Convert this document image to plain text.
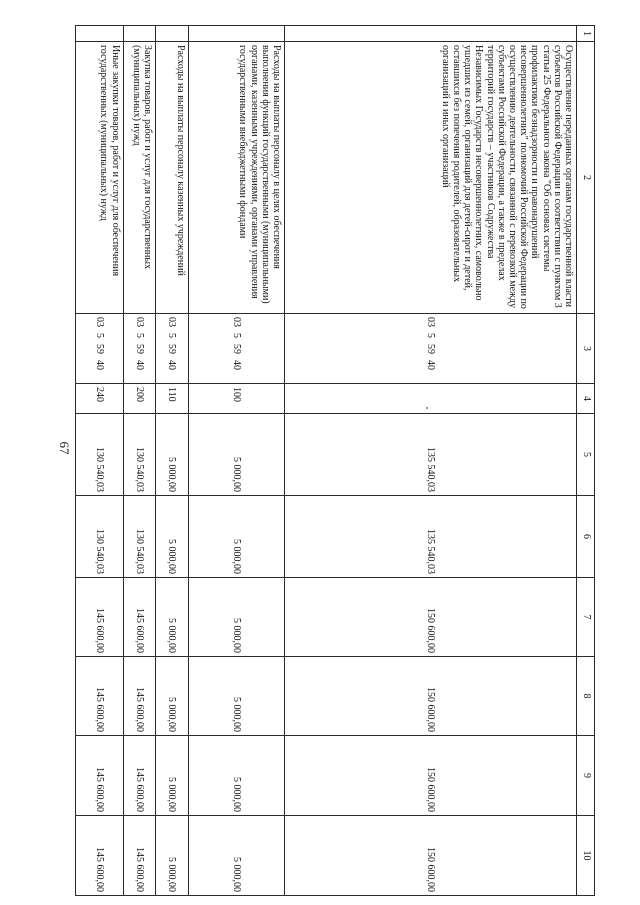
67
1	2	3	4	5	6	7	8	9	10
	Осуществление переданных органам государственной власти субъектов Российской Федерации в соответствии с пунктом 3 статьи 25 Федерального закона "Об основах системы профилактики безнадзорности и правонарушений несовершеннолетних" полномочий Российской Федерации по осуществлению деятельности, связанной с перевозкой между субъектами Российской Федерации, а также в пределах территорий государств – участников Содружества Независимых Государств несовершеннолетних, самовольно ушедших из семей, организаций для детей-сирот и детей, оставшихся без попечения родителей, образовательных организаций и иных организаций	0355940		135 540,03	135 540,03	150 600,00	150 600,00	150 600,00	150 600,00
	Расходы на выплаты персоналу в целях обеспечения выполнения функций государственными (муниципальными) органами, казенными учреждениями, органами управления государственными внебюджетными фондами	0355940	100	5 000,00	5 000,00	5 000,00	5 000,00	5 000,00	5 000,00
	Расходы на выплаты персоналу казенных учреждений	0355940	110	5 000,00	5 000,00	5 000,00	5 000,00	5 000,00	5 000,00
	Закупка товаров, работ и услуг для государственных (муниципальных) нужд	0355940	200	130 540,03	130 540,03	145 600,00	145 600,00	145 600,00	145 600,00
	Иные закупки товаров, работ и услуг для обеспечения государственных (муниципальных) нужд	0355940	240	130 540,03	130 540,03	145 600,00	145 600,00	145 600,00	145 600,00
